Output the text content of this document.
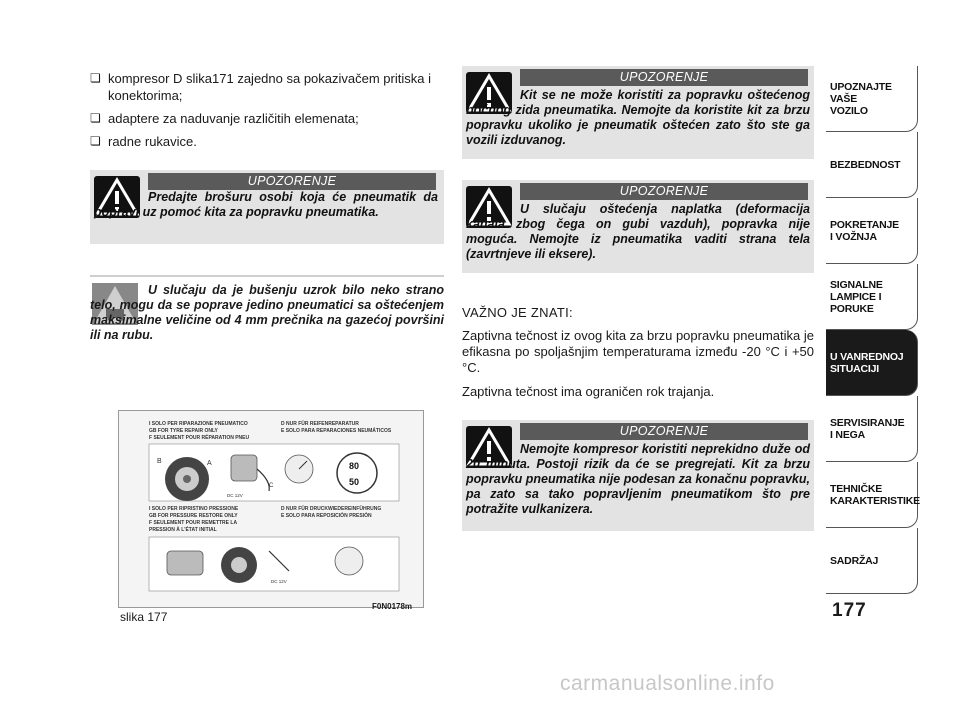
❏ kompresor D slika171 zajedno sa pokazivačem pritiska i konektorima;
❏ adaptere za naduvanje različitih elemenata;
❏ radne rukavice.
UPOZORENJE
Predajte brošuru osobi koja će pneumatik da popravi uz pomoć kita za popravku pneumatika.
U slučaju da je bušenju uzrok bilo neko strano telo, mogu da se poprave jedino pneumatici sa oštećenjem maksimalne veličine od 4 mm prečnika na gazećoj površini ili na rubu.
I SOLO PER RIPARAZIONE PNEUMATICO
GB FOR TYRE REPAIR ONLY
F SEULEMENT POUR RÉPARATION PNEU
D NUR FÜR REIFENREPARATUR
E SOLO PARA REPARACIONES NEUMÁTICOS
I SOLO PER RIPRISTINO PRESSIONE
GB FOR PRESSURE RESTORE ONLY
F SEULEMENT POUR REMETTRE LA
PRESSION À L'ÉTAT INITIAL
D NUR FÜR DRUCKWIEDEREINFÜHRUNG
E SOLO PARA REPOSICIÓN PRESIÓN
B	A
C
DC 12V
80
50
DC 12V
slika 177
F0N0178m
UPOZORENJE
Kit se ne može koristiti za popravku oštećenog bočnog zida pneumatika. Nemojte da koristite kit za brzu popravku ukoliko je pneumatik oštećen zato što ste ga vozili izduvanog.
UPOZORENJE
U slučaju oštećenja naplatka (deformacija kanala zbog čega on gubi vazduh), popravka nije moguća. Nemojte iz pneumatika vaditi strana tela (zavrtnjeve ili eksere).
VAŽNO JE ZNATI:
Zaptivna tečnost iz ovog kita za brzu popravku pneumatika je efikasna po spoljašnjim temperaturama između -20 °C i +50 °C.
Zaptivna tečnost ima ograničen rok trajanja.
UPOZORENJE
Nemojte kompresor koristiti neprekidno duže od 20 minuta. Postoji rizik da će se pregrejati. Kit za brzu popravku pneumatika nije podesan za konačnu popravku, pa zato sa tako popravljenim pneumatikom što pre potražite vulkanizera.
UPOZNAJTE VAŠE VOZILO
BEZBEDNOST
POKRETANJE I VOŽNJA
SIGNALNE LAMPICE I PORUKE
U VANREDNOJ SITUACIJI
SERVISIRANJE I NEGA
TEHNIČKE KARAKTERISTIKE
SADRŽAJ
177
carmanualsonline.info
